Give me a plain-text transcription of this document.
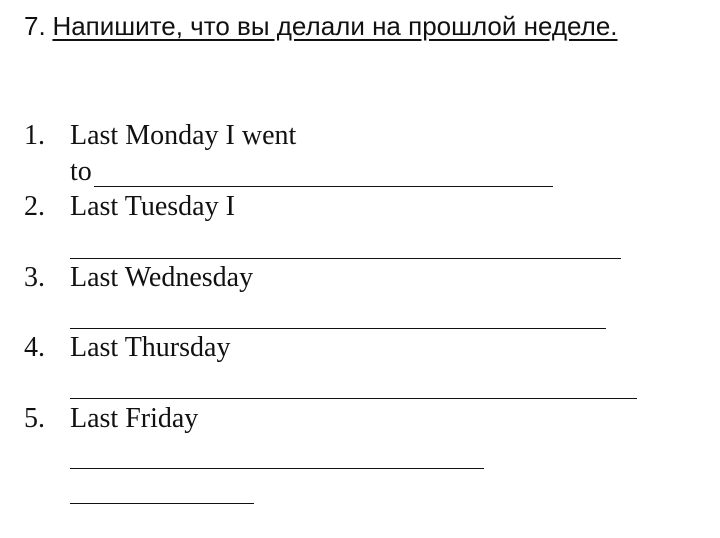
7. Напишите, что вы делали на прошлой неделе.
1. Last Monday I went
to
2. Last Tuesday I
3. Last Wednesday
4. Last Thursday
5. Last Friday
